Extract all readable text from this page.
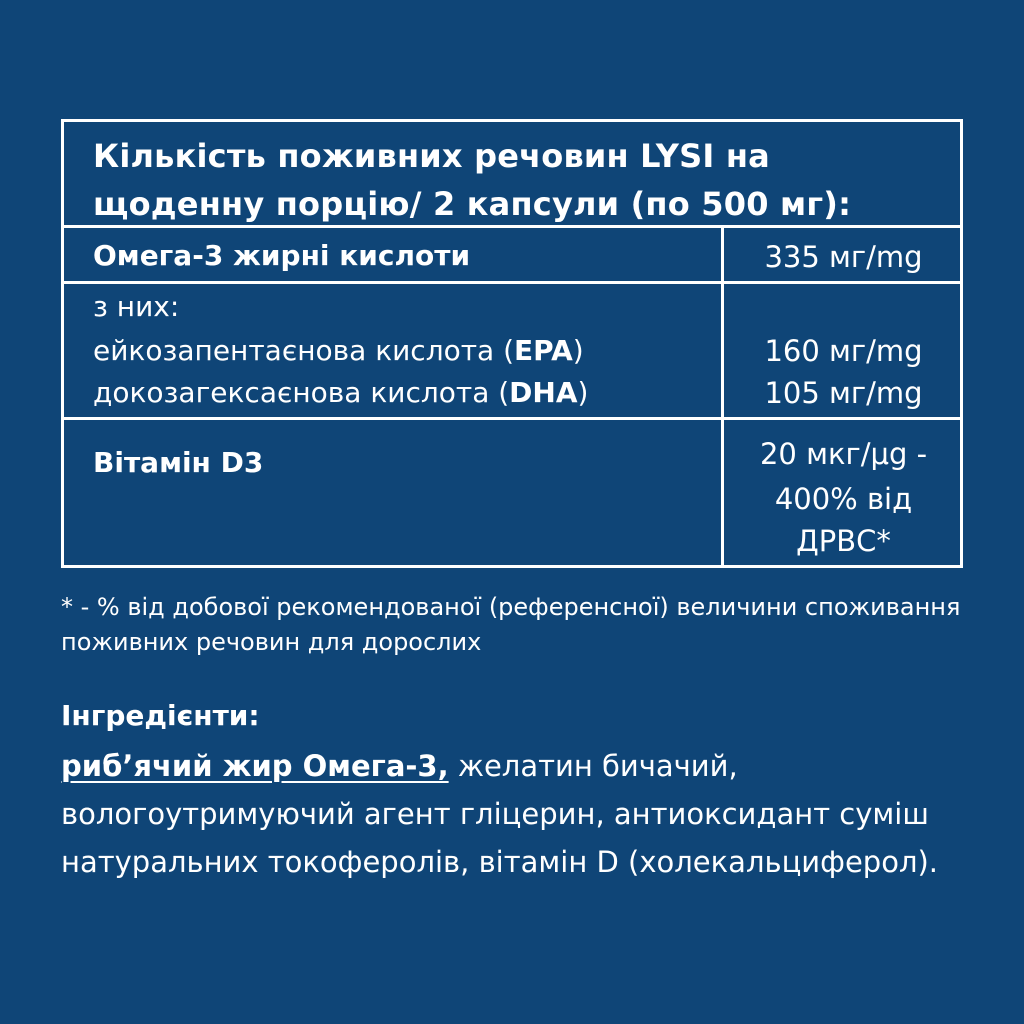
Кількість поживних речовин LYSI на щоденну порцію/ 2 капсули (по 500 мг):
Омега-3 жирні кислоти	335 мг/mg
з них:
ейкозапентаєнова кислота (EPA)
докозагексаєнова кислота (DHA)
160 мг/mg
105 мг/mg
Вітамін D3	20 мкг/μg -
400% від
ДРВС*
* - % від добової рекомендованої (референсної) величини споживання поживних речовин для дорослих
Інгредієнти:
риб’ячий жир Омега-3, желатин бичачий, вологоутримуючий агент гліцерин, антиоксидант суміш натуральних токоферолів, вітамін D (холекальциферол).
